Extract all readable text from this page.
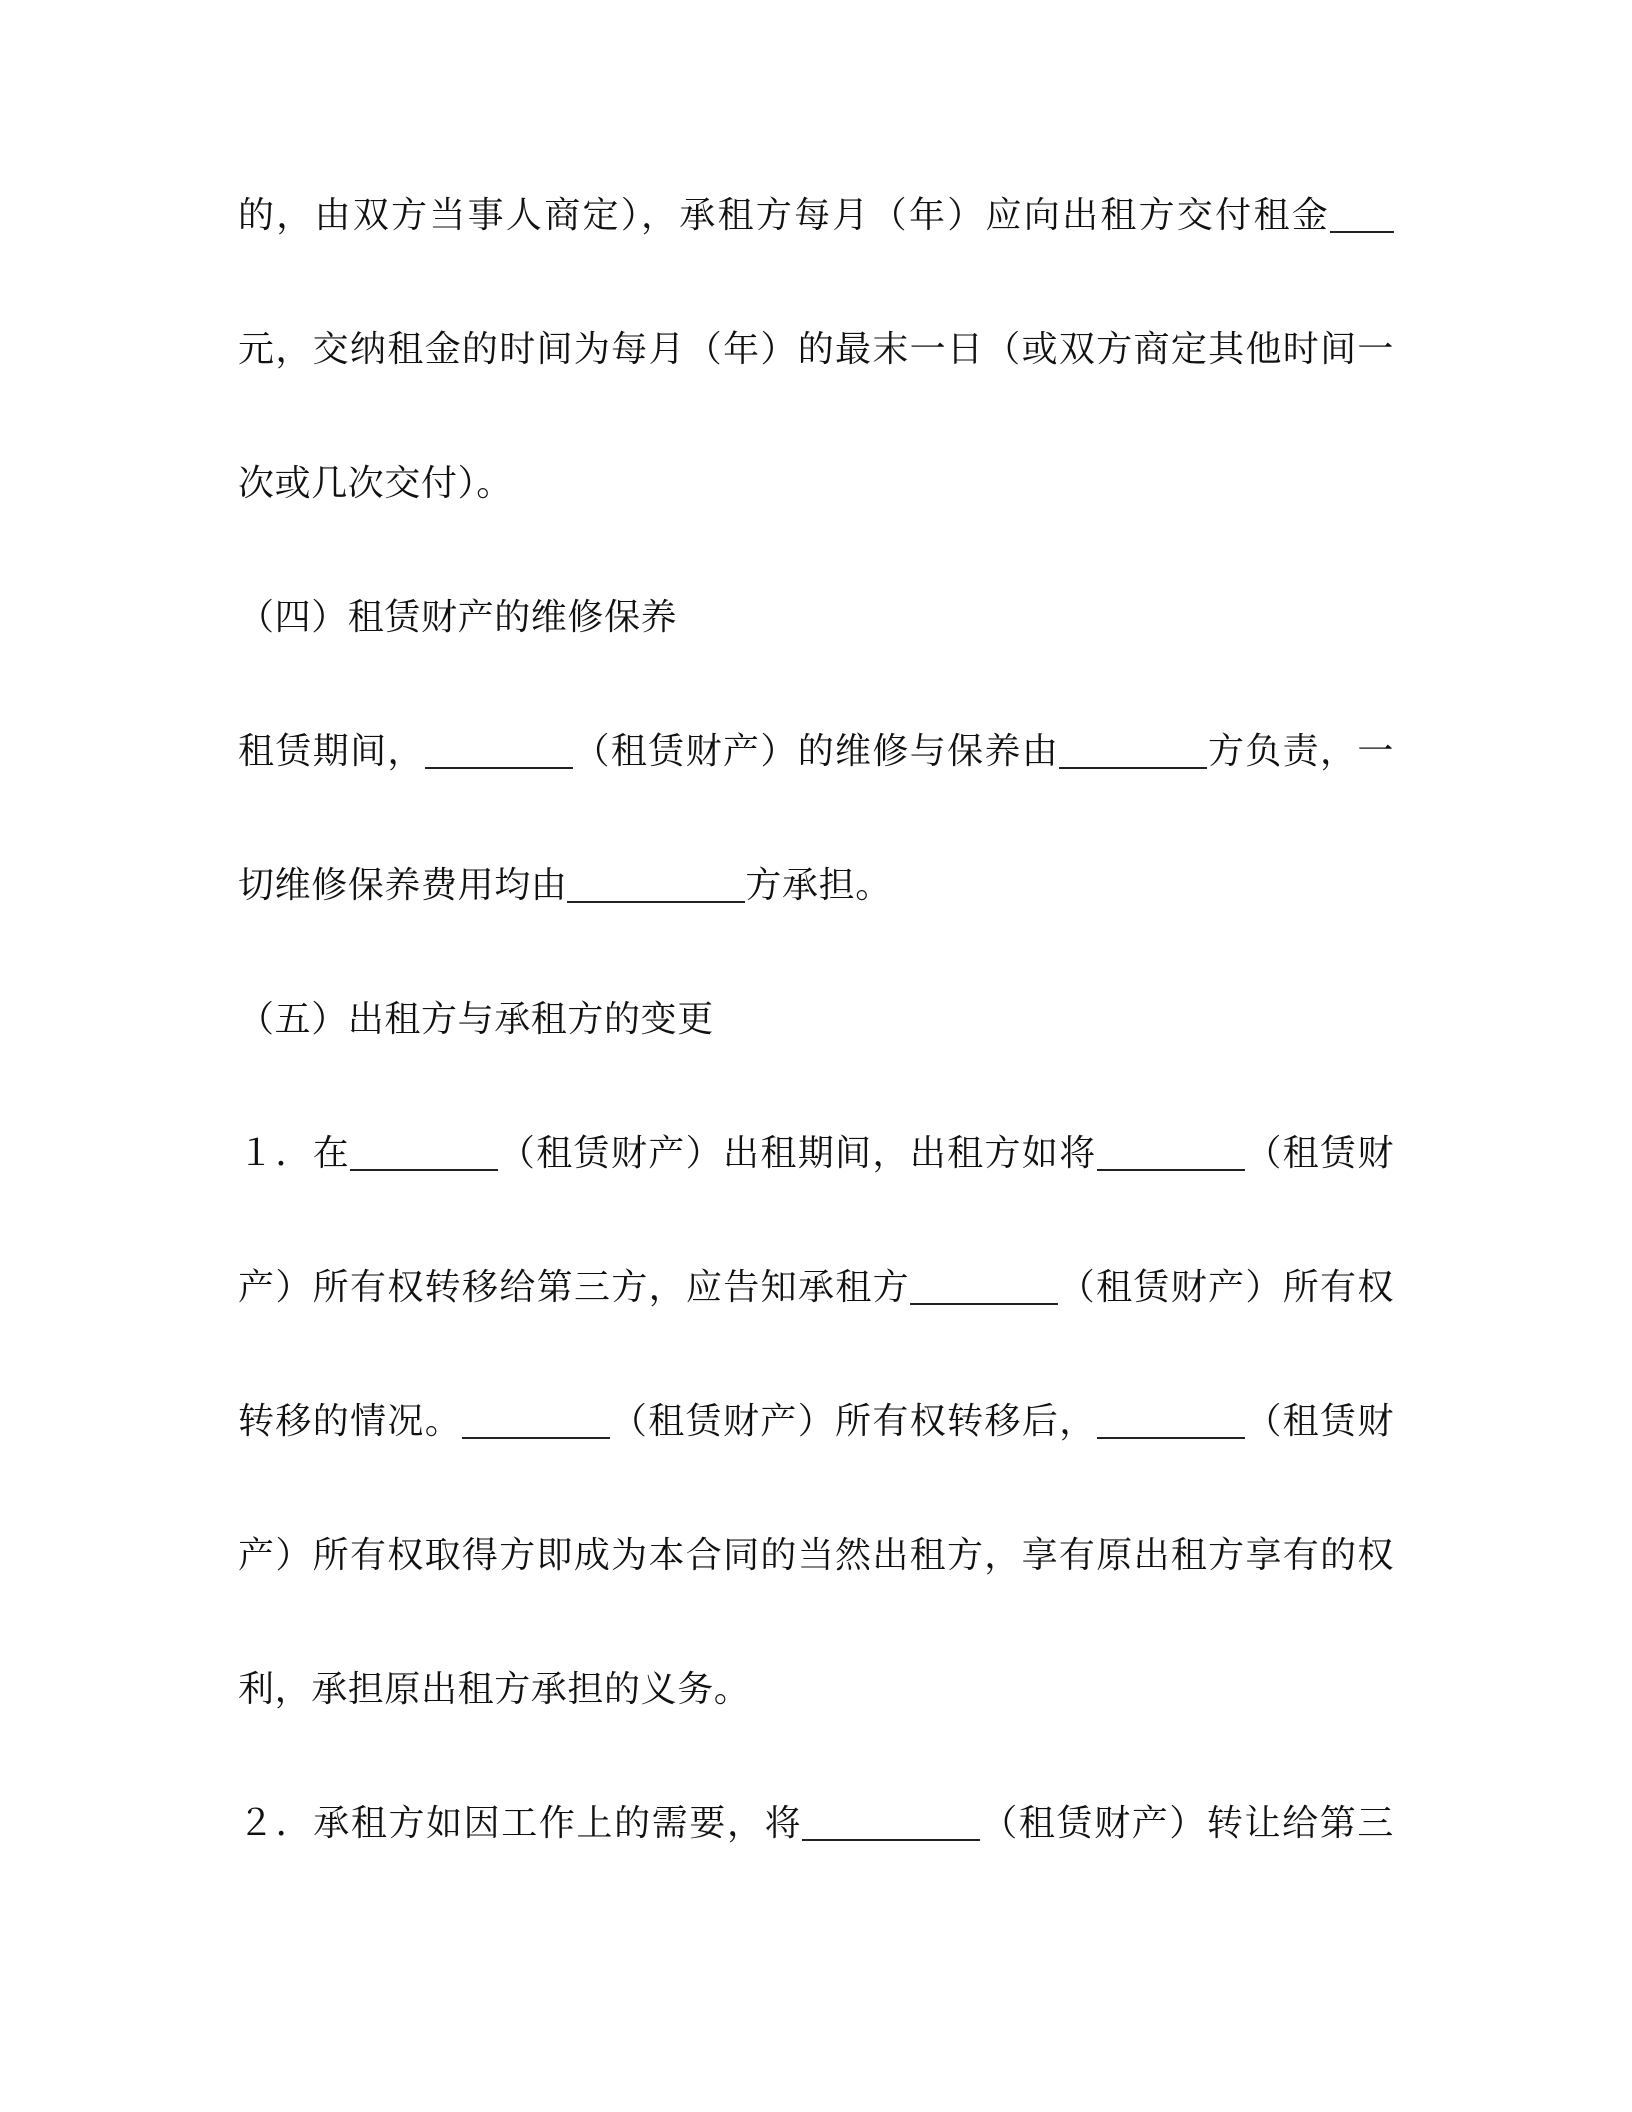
的，由双方当事人商定），承租方每月（年）应向出租方交付租金
元，交纳租金的时间为每月（年）的最末一日（或双方商定其他时间一
次或几次交付）。
（四）租赁财产的维修保养
租赁期间，	（租赁财产）的维修与保养由	方负责，一
切维修保养费用均由	方承担。
（五）出租方与承租方的变更
１．在	（租赁财产）出租期间，出租方如将	（租赁财
产）所有权转移给第三方，应告知承租方	（租赁财产）所有权
转移的情况。	（租赁财产）所有权转移后，	（租赁财
产）所有权取得方即成为本合同的当然出租方，享有原出租方享有的权
利，承担原出租方承担的义务。
２．承租方如因工作上的需要，将	（租赁财产）转让给第三
